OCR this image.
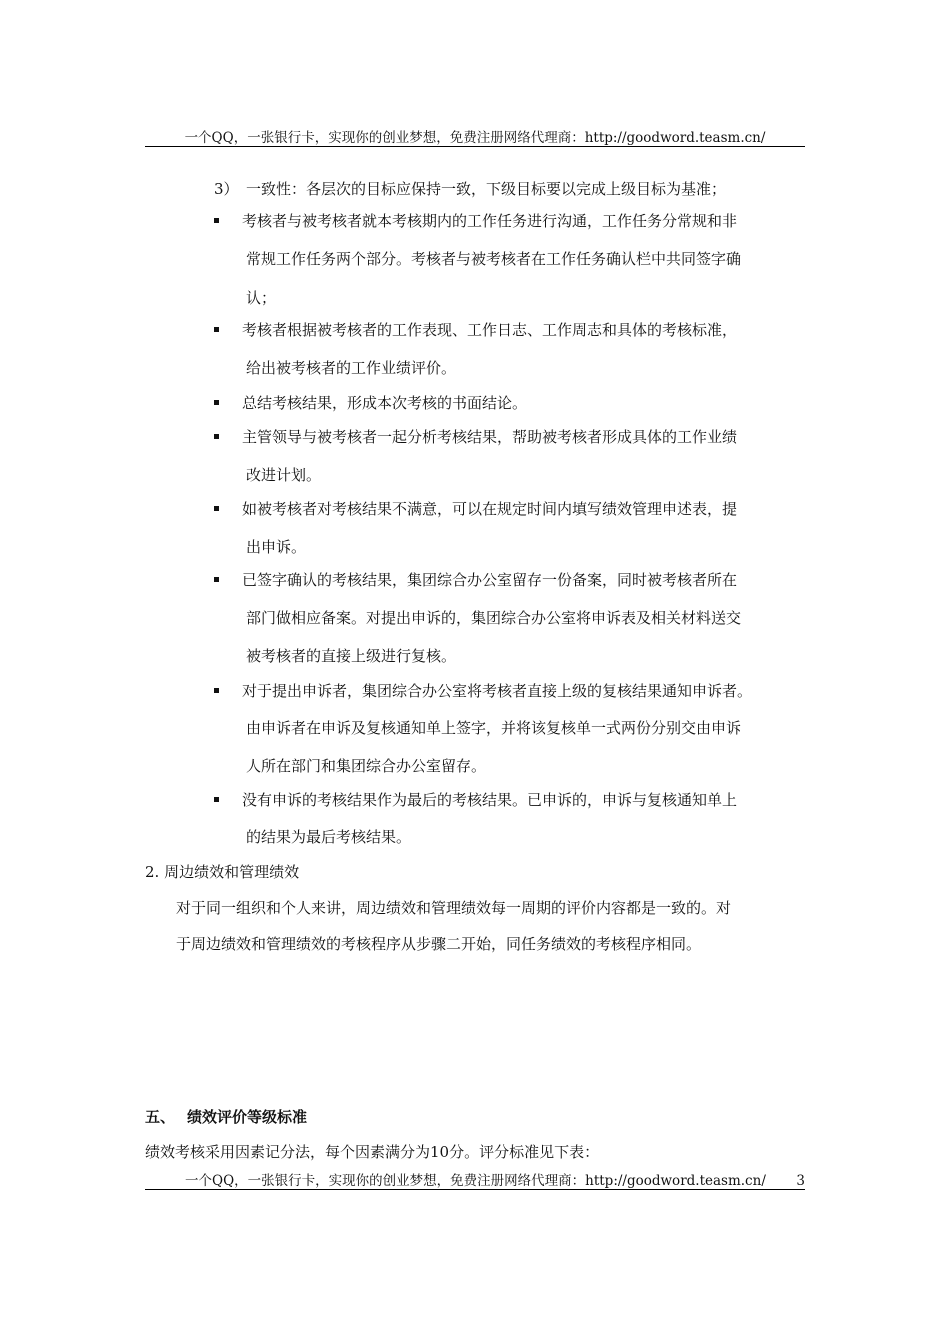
一个QQ，一张银行卡，实现你的创业梦想，免费注册网络代理商：http://goodword.teasm.cn/
3） 一致性：各层次的目标应保持一致，下级目标要以完成上级目标为基准；
考核者与被考核者就本考核期内的工作任务进行沟通，工作任务分常规和非
常规工作任务两个部分。考核者与被考核者在工作任务确认栏中共同签字确
认；
考核者根据被考核者的工作表现、工作日志、工作周志和具体的考核标准，
给出被考核者的工作业绩评价。
总结考核结果，形成本次考核的书面结论。
主管领导与被考核者一起分析考核结果，帮助被考核者形成具体的工作业绩
改进计划。
如被考核者对考核结果不满意，可以在规定时间内填写绩效管理申述表，提
出申诉。
已签字确认的考核结果，集团综合办公室留存一份备案，同时被考核者所在
部门做相应备案。对提出申诉的，集团综合办公室将申诉表及相关材料送交
被考核者的直接上级进行复核。
对于提出申诉者，集团综合办公室将考核者直接上级的复核结果通知申诉者。
由申诉者在申诉及复核通知单上签字，并将该复核单一式两份分别交由申诉
人所在部门和集团综合办公室留存。
没有申诉的考核结果作为最后的考核结果。已申诉的，申诉与复核通知单上
的结果为最后考核结果。
2. 周边绩效和管理绩效
对于同一组织和个人来讲，周边绩效和管理绩效每一周期的评价内容都是一致的。对
于周边绩效和管理绩效的考核程序从步骤二开始，同任务绩效的考核程序相同。
五、 绩效评价等级标准
绩效考核采用因素记分法，每个因素满分为10分。评分标准见下表：
一个QQ，一张银行卡，实现你的创业梦想，免费注册网络代理商：http://goodword.teasm.cn/ 3
